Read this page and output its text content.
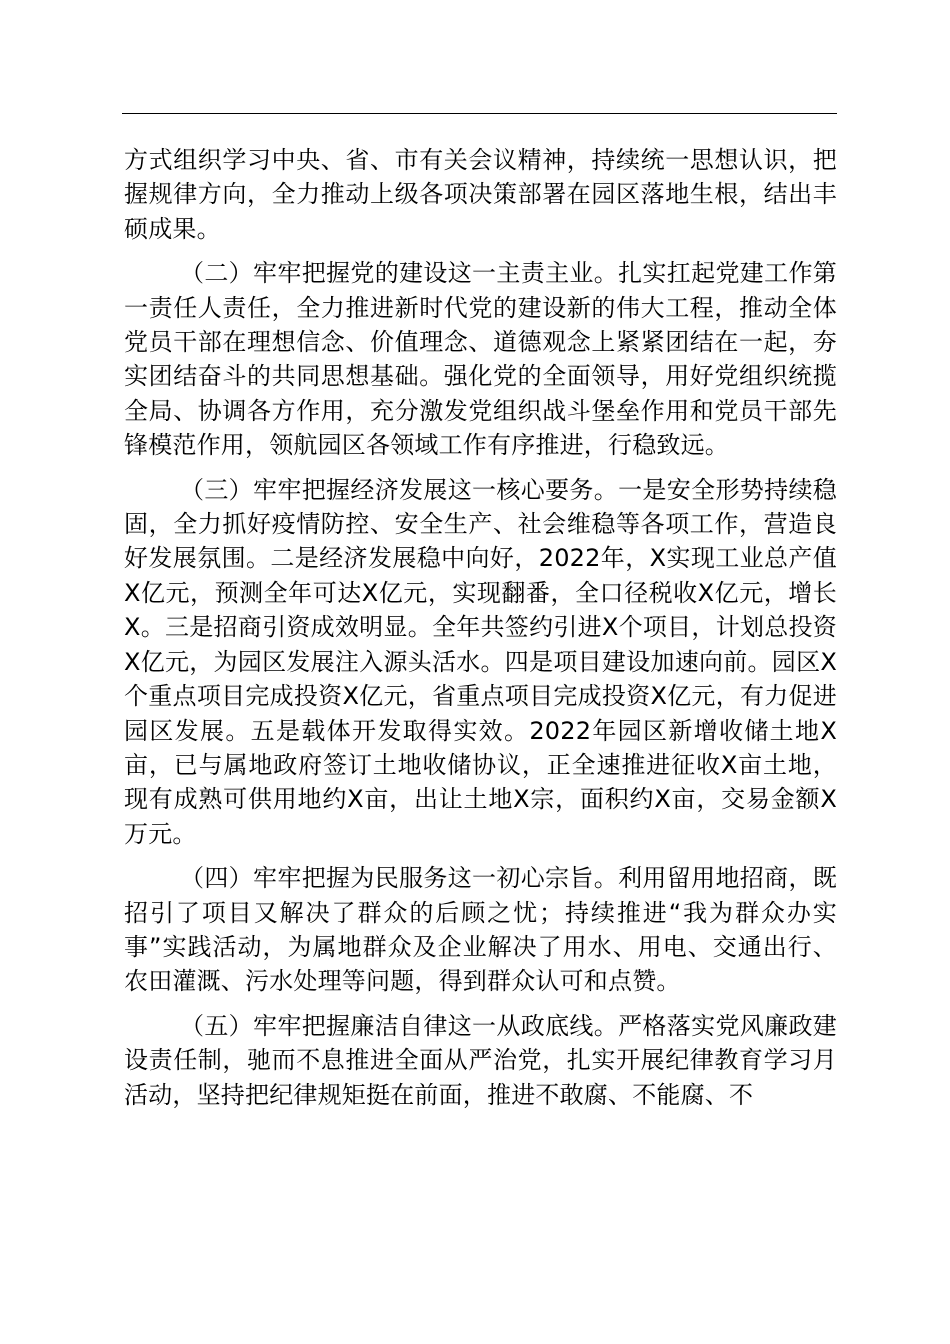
方式组织学习中央、省、市有关会议精神，持续统一思想认识，把握规律方向，全力推动上级各项决策部署在园区落地生根，结出丰硕成果。

（二）牢牢把握党的建设这一主责主业。扎实扛起党建工作第一责任人责任，全力推进新时代党的建设新的伟大工程，推动全体党员干部在理想信念、价值理念、道德观念上紧紧团结在一起，夯实团结奋斗的共同思想基础。强化党的全面领导，用好党组织统揽全局、协调各方作用，充分激发党组织战斗堡垒作用和党员干部先锋模范作用，领航园区各领域工作有序推进，行稳致远。

（三）牢牢把握经济发展这一核心要务。一是安全形势持续稳固，全力抓好疫情防控、安全生产、社会维稳等各项工作，营造良好发展氛围。二是经济发展稳中向好，2022年，X实现工业总产值X亿元，预测全年可达X亿元，实现翻番，全口径税收X亿元，增长X。三是招商引资成效明显。全年共签约引进X个项目，计划总投资X亿元，为园区发展注入源头活水。四是项目建设加速向前。园区X个重点项目完成投资X亿元，省重点项目完成投资X亿元，有力促进园区发展。五是载体开发取得实效。2022年园区新增收储土地X亩，已与属地政府签订土地收储协议，正全速推进征收X亩土地，现有成熟可供用地约X亩，出让土地X宗，面积约X亩，交易金额X万元。

（四）牢牢把握为民服务这一初心宗旨。利用留用地招商，既招引了项目又解决了群众的后顾之忧；持续推进“我为群众办实事”实践活动，为属地群众及企业解决了用水、用电、交通出行、农田灌溉、污水处理等问题，得到群众认可和点赞。

（五）牢牢把握廉洁自律这一从政底线。严格落实党风廉政建设责任制，驰而不息推进全面从严治党，扎实开展纪律教育学习月活动，坚持把纪律规矩挺在前面，推进不敢腐、不能腐、不
